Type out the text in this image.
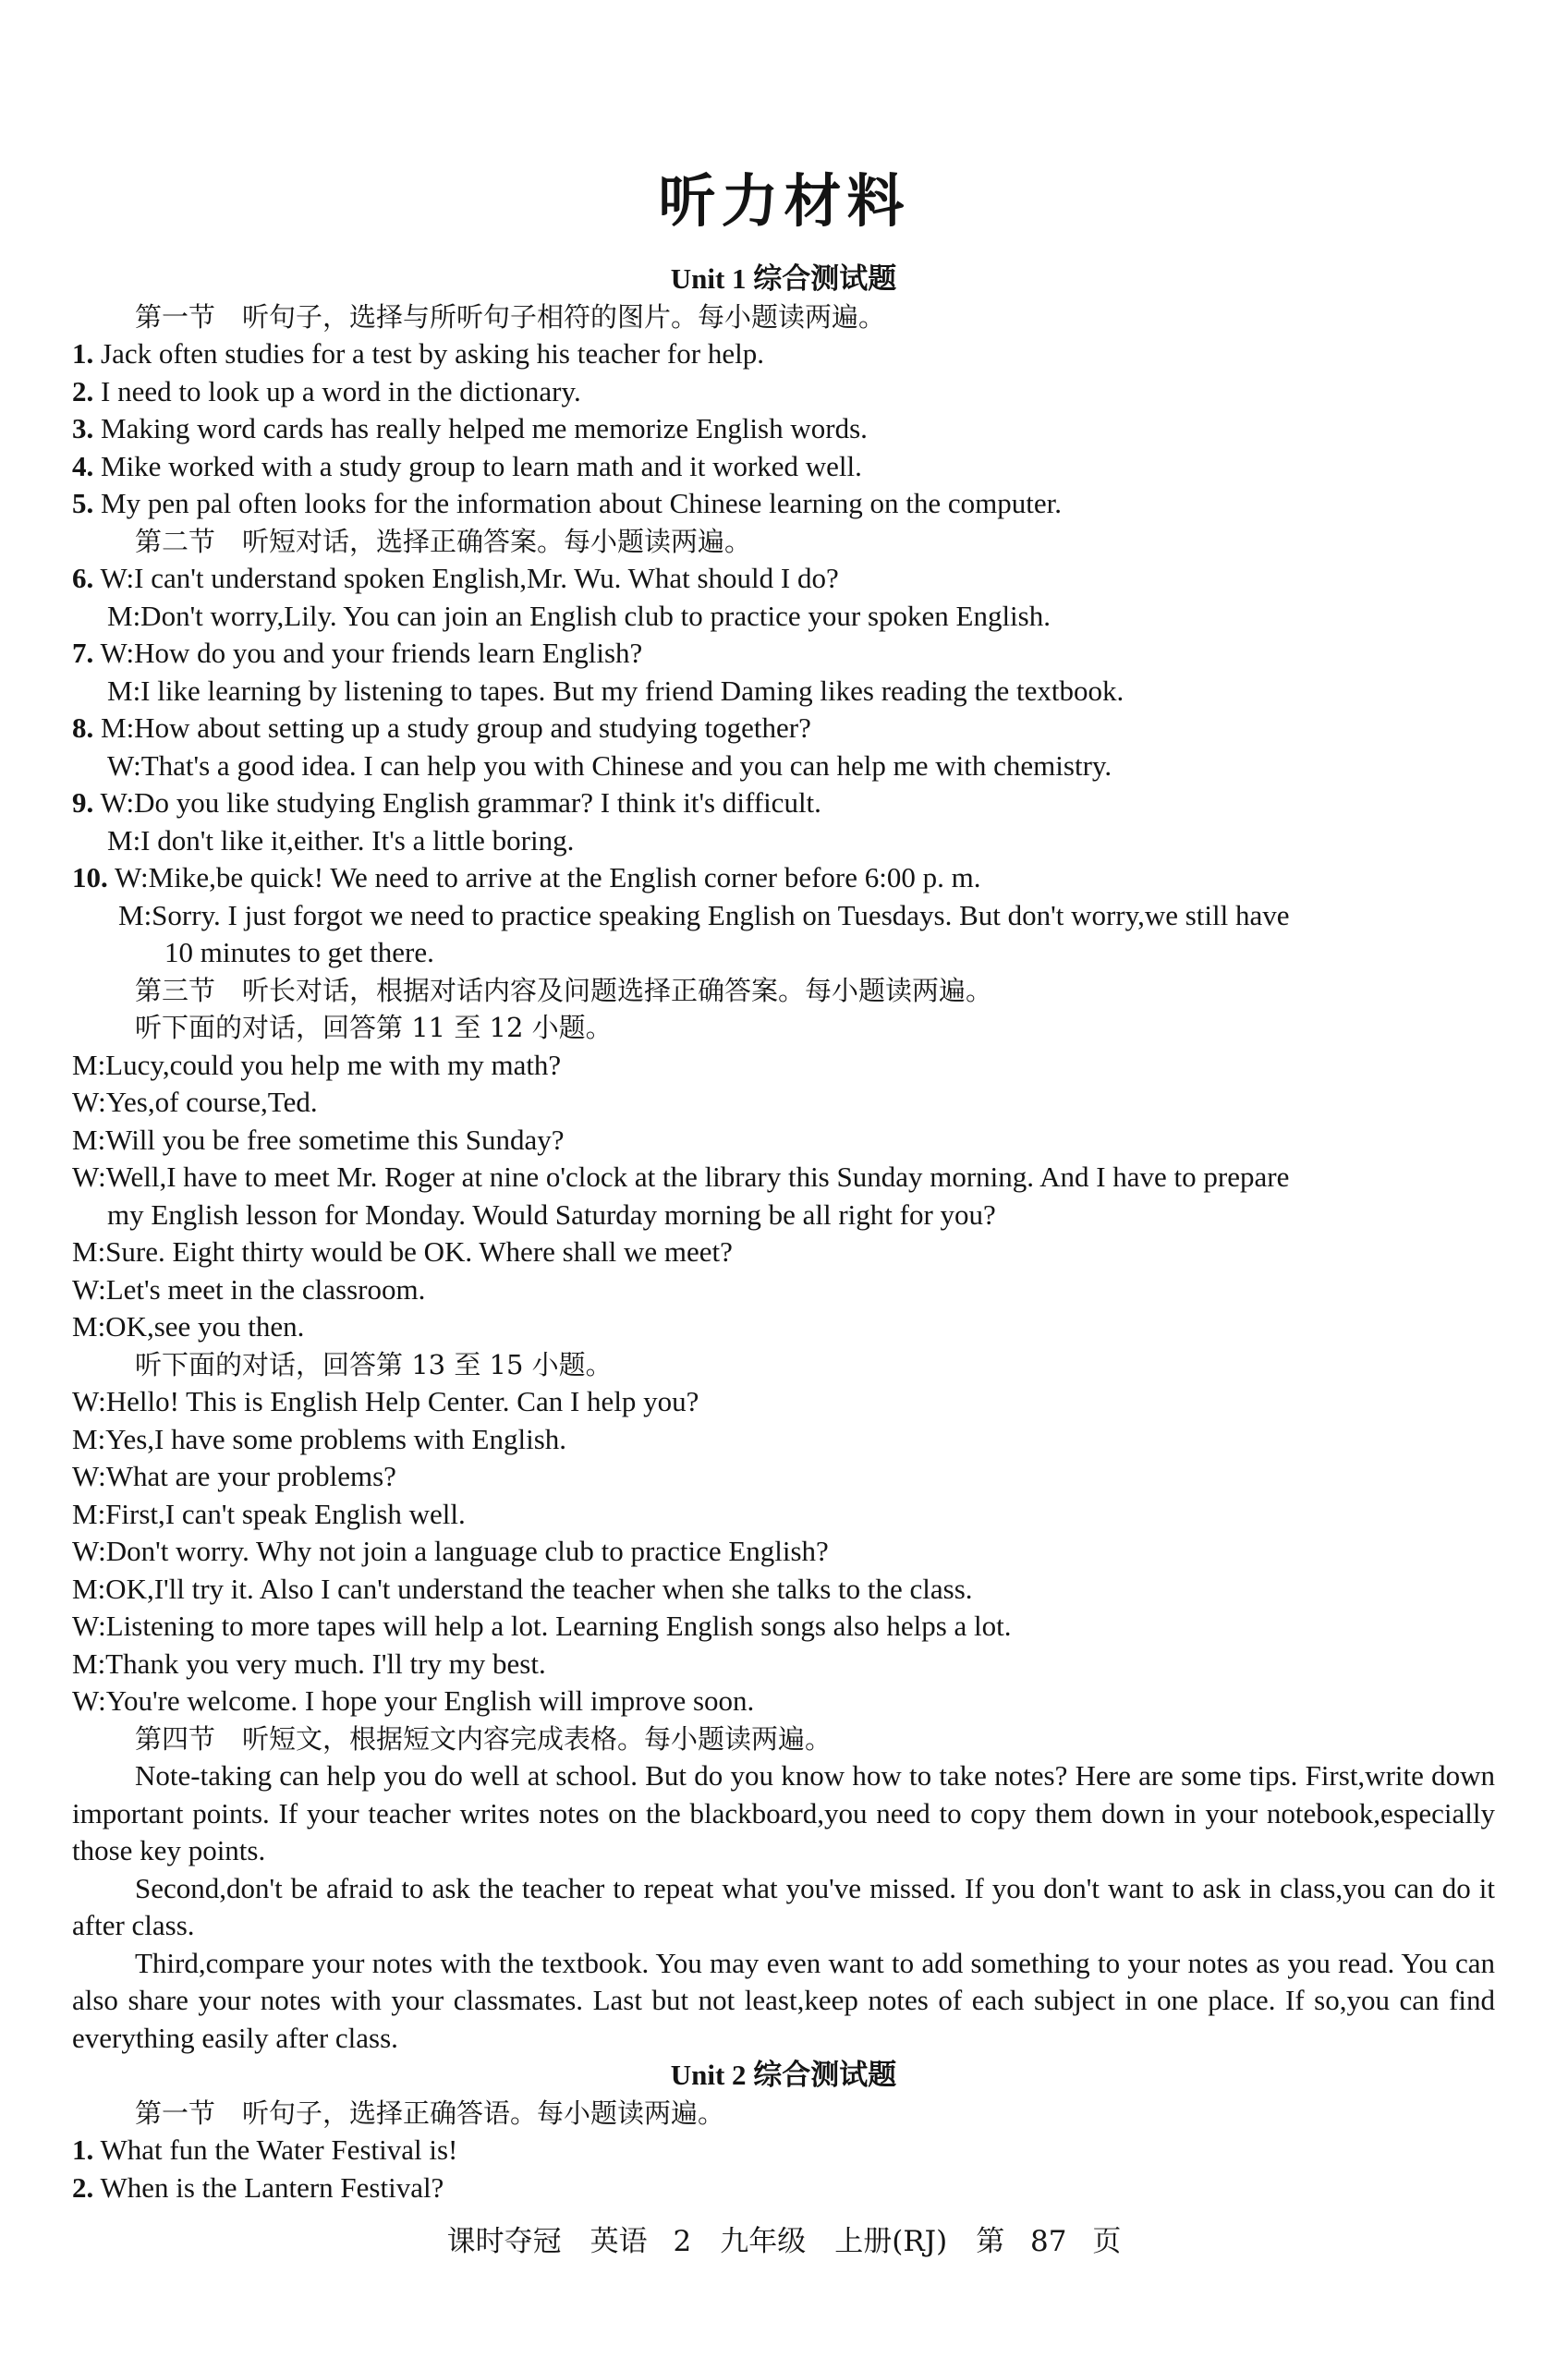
听力材料
Unit 1 综合测试题
第一节　听句子，选择与所听句子相符的图片。每小题读两遍。
1. Jack often studies for a test by asking his teacher for help.
2. I need to look up a word in the dictionary.
3. Making word cards has really helped me memorize English words.
4. Mike worked with a study group to learn math and it worked well.
5. My pen pal often looks for the information about Chinese learning on the computer.
第二节　听短对话，选择正确答案。每小题读两遍。
6. W:I can't understand spoken English,Mr. Wu. What should I do?
M:Don't worry,Lily. You can join an English club to practice your spoken English.
7. W:How do you and your friends learn English?
M:I like learning by listening to tapes. But my friend Daming likes reading the textbook.
8. M:How about setting up a study group and studying together?
W:That's a good idea. I can help you with Chinese and you can help me with chemistry.
9. W:Do you like studying English grammar? I think it's difficult.
M:I don't like it,either. It's a little boring.
10. W:Mike,be quick! We need to arrive at the English corner before 6:00 p. m.
M:Sorry. I just forgot we need to practice speaking English on Tuesdays. But don't worry,we still have
10 minutes to get there.
第三节　听长对话，根据对话内容及问题选择正确答案。每小题读两遍。
听下面的对话，回答第 11 至 12 小题。
M:Lucy,could you help me with my math?
W:Yes,of course,Ted.
M:Will you be free sometime this Sunday?
W:Well,I have to meet Mr. Roger at nine o'clock at the library this Sunday morning. And I have to prepare
my English lesson for Monday. Would Saturday morning be all right for you?
M:Sure. Eight thirty would be OK. Where shall we meet?
W:Let's meet in the classroom.
M:OK,see you then.
听下面的对话，回答第 13 至 15 小题。
W:Hello! This is English Help Center. Can I help you?
M:Yes,I have some problems with English.
W:What are your problems?
M:First,I can't speak English well.
W:Don't worry. Why not join a language club to practice English?
M:OK,I'll try it. Also I can't understand the teacher when she talks to the class.
W:Listening to more tapes will help a lot. Learning English songs also helps a lot.
M:Thank you very much. I'll try my best.
W:You're welcome. I hope your English will improve soon.
第四节　听短文，根据短文内容完成表格。每小题读两遍。
Note-taking can help you do well at school. But do you know how to take notes? Here are some tips. First,write down important points. If your teacher writes notes on the blackboard,you need to copy them down in your notebook,especially those key points.
Second,don't be afraid to ask the teacher to repeat what you've missed. If you don't want to ask in class,you can do it after class.
Third,compare your notes with the textbook. You may even want to add something to your notes as you read. You can also share your notes with your classmates. Last but not least,keep notes of each subject in one place. If so,you can find everything easily after class.
Unit 2 综合测试题
第一节　听句子，选择正确答语。每小题读两遍。
1. What fun the Water Festival is!
2. When is the Lantern Festival?
课时夺冠　英语 2　九年级　上册(RJ)　第 87 页
